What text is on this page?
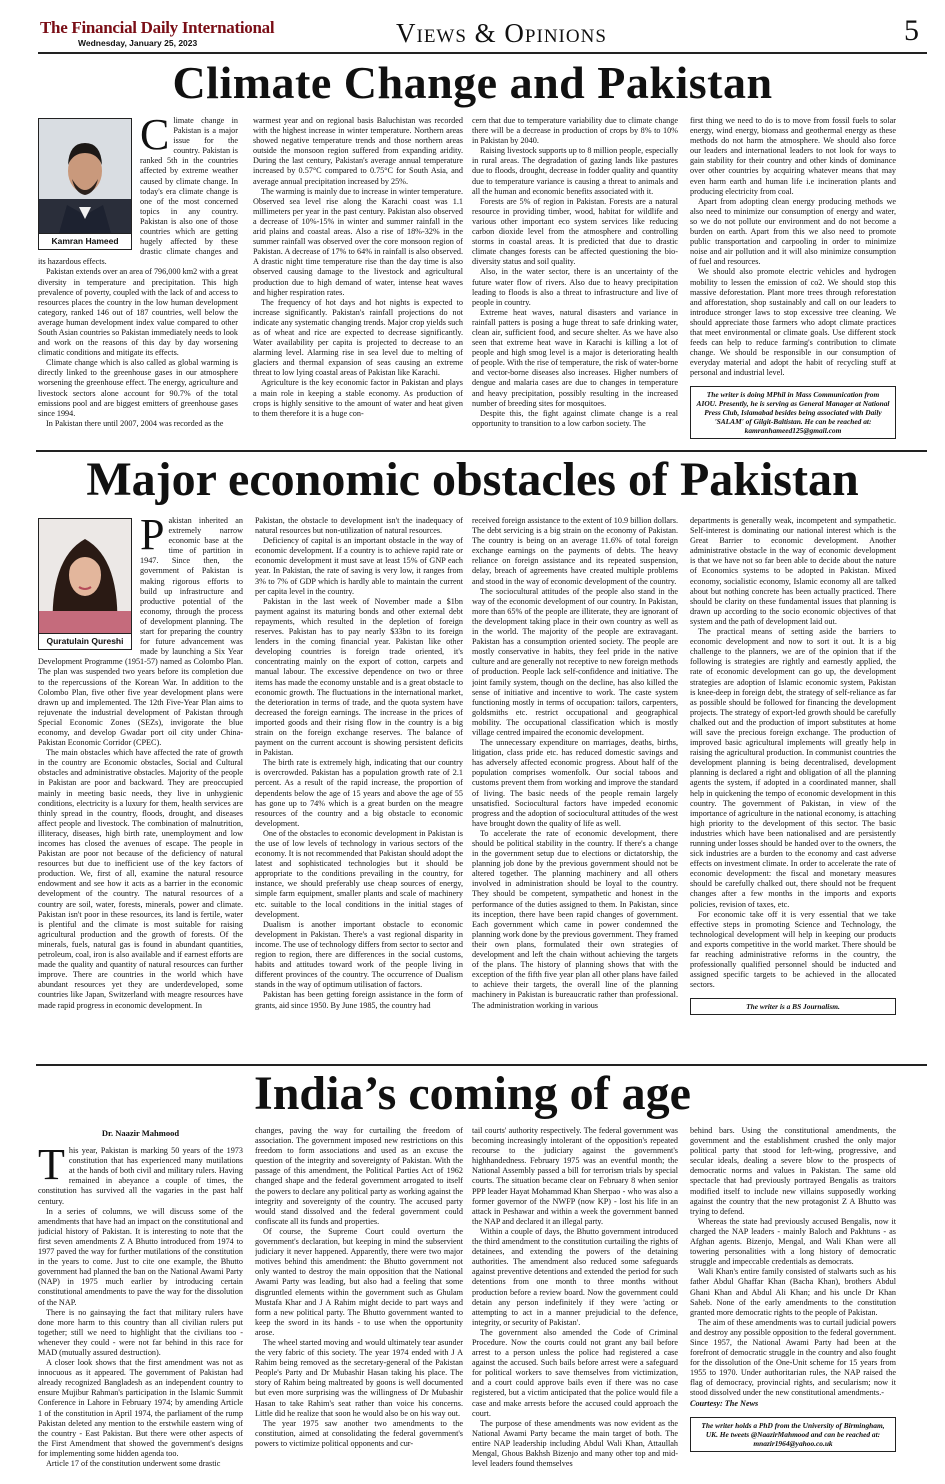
The Financial Daily International
Wednesday, January 25, 2023	Views & Opinions	5
Climate Change and Pakistan
Kamran Hameed
C limate change in Pakistan is a major issue for the country. Pakistan is ranked 5th in the countries affected by extreme weather caused by climate change. In today's era climate change is one of the most concerned topics in any country. Pakistan is also one of those countries which are getting hugely affected by these drastic climate changes and its hazardous effects.

Pakistan extends over an area of 796,000 km2 with a great diversity in temperature and precipitation. This high prevalence of poverty, coupled with the lack of and access to resources places the country in the low human development category, ranked 146 out of 187 countries, well below the average human development index value compared to other South Asian countries so Pakistan immediately needs to look and work on the reasons of this day by day worsening climatic conditions and mitigate its effects.

Climate change which is also called as global warming is directly linked to the greenhouse gases in our atmosphere worsening the greenhouse effect. The energy, agriculture and livestock sectors alone account for 90.7% of the total emissions pool and are biggest emitters of greenhouse gases since 1994.

In Pakistan there until 2007, 2004 was recorded as the

warmest year and on regional basis Baluchistan was recorded with the highest increase in winter temperature. Northern areas showed negative temperature trends and those northern areas outside the monsoon region suffered from expanding aridity. During the last century, Pakistan's average annual temperature increased by 0.57°C compared to 0.75°C for South Asia, and average annual precipitation increased by 25%.

The warming is mainly due to increase in winter temperature. Observed sea level rise along the Karachi coast was 1.1 millimeters per year in the past century. Pakistan also observed a decrease of 10%-15% in winter and summer rainfall in the arid plains and coastal areas. Also a rise of 18%-32% in the summer rainfall was observed over the core monsoon region of Pakistan. A decrease of 17% to 64% in rainfall is also observed. A drastic night time temperature rise than the day time is also observed causing damage to the livestock and agricultural production due to high demand of water, intense heat waves and higher respiration rates.

The frequency of hot days and hot nights is expected to increase significantly. Pakistan's rainfall projections do not indicate any systematic changing trends. Major crop yields such as of wheat and rice are expected to decrease significantly. Water availability per capita is projected to decrease to an alarming level. Alarming rise in sea level due to melting of glaciers and thermal expansion of seas causing an extreme threat to low lying coastal areas of Pakistan like Karachi.

Agriculture is the key economic factor in Pakistan and plays a main role in keeping a stable economy. As production of crops is highly sensitive to the amount of water and heat given to them therefore it is a huge con-

cern that due to temperature variability due to climate change there will be a decrease in production of crops by 8% to 10% in Pakistan by 2040.

Raising livestock supports up to 8 million people, especially in rural areas. The degradation of gazing lands like pastures due to floods, drought, decrease in fodder quality and quantity due to temperature variance is causing a threat to animals and all the human and economic benefits associated with it.

Forests are 5% of region in Pakistan. Forests are a natural resource in providing timber, wood, habitat for wildlife and various other important eco system services like reducing carbon dioxide level from the atmosphere and controlling storms in coastal areas. It is predicted that due to drastic climate changes forests can be affected questioning the bio-diversity status and soil quality.

Also, in the water sector, there is an uncertainty of the future water flow of rivers. Also due to heavy precipitation leading to floods is also a threat to infrastructure and live of people in country.

Extreme heat waves, natural disasters and variance in rainfall patters is posing a huge threat to safe drinking water, clean air, sufficient food, and secure shelter. As we have also seen that extreme heat wave in Karachi is killing a lot of people and high smog level is a major is deteriorating health of people. With the rise of temperature, the risk of water-borne and vector-borne diseases also increases. Higher numbers of dengue and malaria cases are due to changes in temperature and heavy precipitation, possibly resulting in the increased number of breeding sites for mosquitoes.

Despite this, the fight against climate change is a real opportunity to transition to a low carbon society. The

first thing we need to do is to move from fossil fuels to solar energy, wind energy, biomass and geothermal energy as these methods do not harm the atmosphere. We should also force our leaders and international leaders to not look for ways to gain stability for their country and other kinds of dominance over other countries by acquiring whatever means that may even harm earth and human life i.e incineration plants and producing electricity from coal.

Apart from adopting clean energy producing methods we also need to minimize our consumption of energy and water, so we do not pollute our environment and do not become a burden on earth. Apart from this we also need to promote public transportation and carpooling in order to minimize noise and air pollution and it will also minimize consumption of fuel and resources.

We should also promote electric vehicles and hydrogen mobility to lessen the emission of co2. We should stop this massive deforestation. Plant more trees through reforestation and afforestation, shop sustainably and call on our leaders to introduce stronger laws to stop excessive tree cleaning. We should appreciate those farmers who adopt climate practices that meet environmental or climate goals. Use different stock feeds can help to reduce farming's contribution to climate change. We should be responsible in our consumption of everyday material and adopt the habit of recycling stuff at personal and industrial level.

The writer is doing MPhil in Mass Communication from AIOU. Presently, he is serving as General Manager at National Press Club, Islamabad besides being associated with Daily 'SALAM' of Gilgit-Baltistan. He can be reached at: kamranhameed125@gmail.com
Major economic obstacles of Pakistan
Quratulain Qureshi
P akistan inherited an extremely narrow economic base at the time of partition in 1947. Since then, the government of Pakistan is making rigorous efforts to build up infrastructure and productive potential of the economy, through the process of development planning. The start for preparing the country for future advancement was made by launching a Six Year Development Programme (1951-57) named as Colombo Plan. The plan was suspended two years before its completion due to the repercussions of the Korean War. In addition to the Colombo Plan, five other five year development plans were drawn up and implemented. The 12th Five-Year Plan aims to rejuvenate the industrial development of Pakistan through Special Economic Zones (SEZs), invigorate the blue economy, and develop Gwadar port oil city under China-Pakistan Economic Corridor (CPEC).

The main obstacles which have affected the rate of growth in the country are Economic obstacles, Social and Cultural obstacles and administrative obstacles. Majority of the people in Pakistan are poor and backward. They are preoccupied mainly in meeting basic needs, they live in unhygienic conditions, electricity is a luxury for them, health services are thinly spread in the country, floods, drought, and diseases affect people and livestock. The combination of malnutrition, illiteracy, diseases, high birth rate, unemployment and low incomes has closed the avenues of escape. The people in Pakistan are poor not because of the deficiency of natural resources but due to inefficient use of the key factors of production. We, first of all, examine the natural resource endowment and see how it acts as a barrier in the economic development of the country. The natural resources of a country are soil, water, forests, minerals, power and climate. Pakistan isn't poor in these resources, its land is fertile, water is plentiful and the climate is most suitable for raising agricultural production and the growth of forests. Of the minerals, fuels, natural gas is found in abundant quantities, petroleum, coal, iron is also available and if earnest efforts are made the quality and quantity of natural resources can further improve. There are countries in the world which have abundant resources yet they are underdeveloped, some countries like Japan, Switzerland with meagre resources have made rapid progress in economic development. In

Pakistan, the obstacle to development isn't the inadequacy of natural resources but non-utilization of natural resources.

Deficiency of capital is an important obstacle in the way of economic development. If a country is to achieve rapid rate or economic development it must save at least 15% of GNP each year. In Pakistan, the rate of saving is very low, it ranges from 3% to 7% of GDP which is hardly able to maintain the current per capita level in the country.

Pakistan in the last week of November made a $1bn payment against its maturing bonds and other external debt repayments, which resulted in the depletion of foreign reserves. Pakistan has to pay nearly $33bn to its foreign lenders in the coming financial year. Pakistan like other developing countries is foreign trade oriented, it's concentrating mainly on the export of cotton, carpets and manual labour. The excessive dependence on two or three items has made the economy unstable and is a great obstacle to economic growth. The fluctuations in the international market, the deterioration in terms of trade, and the quota system have decreased the foreign earnings. The increase in the prices of imported goods and their rising flow in the country is a big strain on the foreign exchange reserves. The balance of payment on the current account is showing persistent deficits in Pakistan.

The birth rate is extremely high, indicating that our country is overcrowded. Pakistan has a population growth rate of 2.1 percent. As a result of the rapid increase, the proportion of dependents below the age of 15 years and above the age of 55 has gone up to 74% which is a great burden on the meagre resources of the country and a big obstacle to economic development.

One of the obstacles to economic development in Pakistan is the use of low levels of technology in various sectors of the economy. It is not recommended that Pakistan should adopt the latest and sophisticated technologies but it should be appropriate to the conditions prevailing in the country, for instance, we should preferably use cheap sources of energy, simple farm equipment, smaller plants and scale of machinery etc. suitable to the local conditions in the initial stages of development.

Dualism is another important obstacle to economic development in Pakistan. There's a vast regional disparity in income. The use of technology differs from sector to sector and region to region, there are differences in the social customs, habits and attitudes toward work of the people living in different provinces of the country. The occurrence of Dualism stands in the way of optimum utilisation of factors.

Pakistan has been getting foreign assistance in the form of grants, aid since 1950. By June 1985, the country had

received foreign assistance to the extent of 10.9 billion dollars. The debt servicing is a big strain on the economy of Pakistan. The country is being on an average 11.6% of total foreign exchange earnings on the payments of debts. The heavy reliance on foreign assistance and its repeated suspension, delay, breach of agreements have created multiple problems and stood in the way of economic development of the country.

The sociocultural attitudes of the people also stand in the way of the economic development of our country. In Pakistan, more than 65% of the people are illiterate, they are ignorant of the development taking place in their own country as well as in the world. The majority of the people are extravagant. Pakistan has a consumption oriented society. The people are mostly conservative in habits, they feel pride in the native culture and are generally not receptive to new foreign methods of production. People lack self-confidence and initiative. The joint family system, though on the decline, has also killed the sense of initiative and incentive to work. The caste system functioning mostly in terms of occupation: tailors, carpenters, goldsmiths etc. restrict occupational and geographical mobility. The occupational classification which is mostly village centred impaired the economic development.

The unnecessary expenditure on marriages, deaths, births, litigation, class pride etc. has reduced domestic savings and has adversely affected economic progress. About half of the population comprises womenfolk. Our social taboos and customs prevent them from working and improve the standard of living. The basic needs of the people remain largely unsatisfied. Sociocultural factors have impeded economic progress and the adoption of sociocultural attitudes of the west have brought down the quality of life as well.

To accelerate the rate of economic development, there should be political stability in the country. If there's a change in the government setup due to elections or dictatorship, the planning job done by the previous government should not be altered together. The planning machinery and all others involved in administration should be loyal to the country. They should be competent, sympathetic and honest in the performance of the duties assigned to them. In Pakistan, since its inception, there have been rapid changes of government. Each government which came in power condemned the planning work done by the previous government. They framed their own plans, formulated their own strategies of development and left the chain without achieving the targets of the plans. The history of planning shows that with the exception of the fifth five year plan all other plans have failed to achieve their targets, the overall line of the planning machinery in Pakistan is bureaucratic rather than professional. The administration working in various

departments is generally weak, incompetent and sympathetic. Self-interest is dominating our national interest which is the Great Barrier to economic development. Another administrative obstacle in the way of economic development is that we have not so far been able to decide about the nature of Economics systems to be adopted in Pakistan. Mixed economy, socialistic economy, Islamic economy all are talked about but nothing concrete has been actually practiced. There should be clarity on these fundamental issues that planning is drawn up according to the socio economic objectives of that system and the path of development laid out.

The practical means of setting aside the barriers to economic development and now to sort it out. It is a big challenge to the planners, we are of the opinion that if the following is strategies are rightly and earnestly applied, the rate of economic development can go up, the development strategies are adoption of Islamic economic system, Pakistan is knee-deep in foreign debt, the strategy of self-reliance as far as possible should be followed for financing the development projects. The strategy of export-led growth should be carefully chalked out and the production of import substitutes at home will save the precious foreign exchange. The production of improved basic agricultural implements will greatly help in raising the agricultural production. In communist countries the development planning is being decentralised, development planning is declared a right and obligation of all the planning agents the system, if adopted in a coordinated manner, shall help in quickening the tempo of economic development in this country. The government of Pakistan, in view of the importance of agriculture in the national economy, is attaching high priority to the development of this sector. The basic industries which have been nationalised and are persistently running under losses should be handed over to the owners, the sick industries are a burden to the economy and cast adverse effects on investment climate. In order to accelerate the rate of economic development: the fiscal and monetary measures should be carefully chalked out, there should not be frequent changes after a few months in the imports and exports policies, revision of taxes, etc.

For economic take off it is very essential that we take effective steps in promoting Science and Technology, the technological development will help in keeping our products and exports competitive in the world market. There should be far reaching administrative reforms in the country, the professionally qualified personnel should be inducted and assigned specific targets to be achieved in the allocated sectors.

The writer is a BS Journalism.
India’s coming of age
Dr. Naazir Mahmood
T his year, Pakistan is marking 50 years of the 1973 constitution that has experienced many mutilations at the hands of both civil and military rulers. Having remained in abeyance a couple of times, the constitution has survived all the vagaries in the past half century.

In a series of columns, we will discuss some of the amendments that have had an impact on the constitutional and judicial history of Pakistan. It is interesting to note that the first seven amendments Z A Bhutto introduced from 1974 to 1977 paved the way for further mutilations of the constitution in the years to come. Just to cite one example, the Bhutto government had planned the ban on the National Awami Party (NAP) in 1975 much earlier by introducing certain constitutional amendments to pave the way for the dissolution of the NAP.

There is no gainsaying the fact that military rulers have done more harm to this country than all civilian rulers put together; still we need to highlight that the civilians too - whenever they could - were not far behind in this race for MAD (mutually assured destruction).

A closer look shows that the first amendment was not as innocuous as it appeared. The government of Pakistan had already recognized Bangladesh as an independent country to ensure Mujibur Rahman's participation in the Islamic Summit Conference in Lahore in February 1974; by amending Article 1 of the constitution in April 1974, the parliament of the rump Pakistan deleted any mention to the erstwhile eastern wing of the country - East Pakistan. But there were other aspects of the First Amendment that showed the government's designs for implementing some hidden agenda too.

Article 17 of the constitution underwent some drastic

changes, paving the way for curtailing the freedom of association. The government imposed new restrictions on this freedom to form associations and used as an excuse the question of the integrity and sovereignty of Pakistan. With the passage of this amendment, the Political Parties Act of 1962 changed shape and the federal government arrogated to itself the powers to declare any political party as working against the integrity and sovereignty of the country. The accused party would stand dissolved and the federal government could confiscate all its funds and properties.

Of course, the Supreme Court could overturn the government's declaration, but keeping in mind the subservient judiciary it never happened. Apparently, there were two major motives behind this amendment: the Bhutto government not only wanted to destroy the main opposition that the National Awami Party was leading, but also had a feeling that some disgruntled elements within the government such as Ghulam Mustafa Khar and J A Rahim might decide to part ways and form a new political party. The Bhutto government wanted to keep the sword in its hands - to use when the opportunity arose.

The wheel started moving and would ultimately tear asunder the very fabric of this society. The year 1974 ended with J A Rahim being removed as the secretary-general of the Pakistan People's Party and Dr Mubashir Hasan taking his place. The story of Rahim being maltreated by goons is well documented but even more surprising was the willingness of Dr Mubashir Hasan to take Rahim's seat rather than voice his concerns. Little did he realize that soon he would also be on his way out.

The year 1975 saw another two amendments to the constitution, aimed at consolidating the federal government's powers to victimize political opponents and cur-

tail courts' authority respectively. The federal government was becoming increasingly intolerant of the opposition's repeated recourse to the judiciary against the government's highhandedness. February 1975 was an eventful month; the National Assembly passed a bill for terrorism trials by special courts. The situation became clear on February 8 when senior PPP leader Hayat Mohammad Khan Sherpao - who was also a former governor of the NWFP (now KP) - lost his life in an attack in Peshawar and within a week the government banned the NAP and declared it an illegal party.

Within a couple of days, the Bhutto government introduced the third amendment to the constitution curtailing the rights of detainees, and extending the powers of the detaining authorities. The amendment also reduced some safeguards against preventive detentions and extended the period for such detentions from one month to three months without production before a review board. Now the government could detain any person indefinitely if they were 'acting or attempting to act in a manner prejudicial to the defence, integrity, or security of Pakistan'.

The government also amended the Code of Criminal Procedure. Now the courts could not grant any bail before arrest to a person unless the police had registered a case against the accused. Such bails before arrest were a safeguard for political workers to save themselves from victimization, and a court could approve bails even if there was no case registered, but a victim anticipated that the police would file a case and make arrests before the accused could approach the court.

The purpose of these amendments was now evident as the National Awami Party became the main target of both. The entire NAP leadership including Abdul Wali Khan, Attaullah Mengal, Ghous Bakhsh Bizenjo and many other top and mid-level leaders found themselves

behind bars. Using the constitutional amendments, the government and the establishment crushed the only major political party that stood for left-wing, progressive, and secular ideals, dealing a severe blow to the prospects of democratic norms and values in Pakistan. The same old spectacle that had previously portrayed Bengalis as traitors modified itself to include new villains supposedly working against the country that the new protagonist Z A Bhutto was trying to defend.

Whereas the state had previously accused Bengalis, now it charged the NAP leaders - mainly Baloch and Pakhtuns - as Afghan agents. Bizenjo, Mengal, and Wali Khan were all towering personalities with a long history of democratic struggle and impeccable credentials as democrats.

Wali Khan's entire family consisted of stalwarts such as his father Abdul Ghaffar Khan (Bacha Khan), brothers Abdul Ghani Khan and Abdul Ali Khan; and his uncle Dr Khan Saheb. None of the early amendments to the constitution granted more democratic rights to the people of Pakistan.

The aim of these amendments was to curtail judicial powers and destroy any possible opposition to the federal government. Since 1957, the National Awami Party had been at the forefront of democratic struggle in the country and also fought for the dissolution of the One-Unit scheme for 15 years from 1955 to 1970. Under authoritarian rules, the NAP raised the flag of democracy, provincial rights, and secularism; now it stood dissolved under the new constitutional amendments.-

Courtesy: The News

The writer holds a PhD from the University of Birmingham, UK. He tweets @NaazirMahmood and can be reached at: mnazir1964@yahoo.co.uk
